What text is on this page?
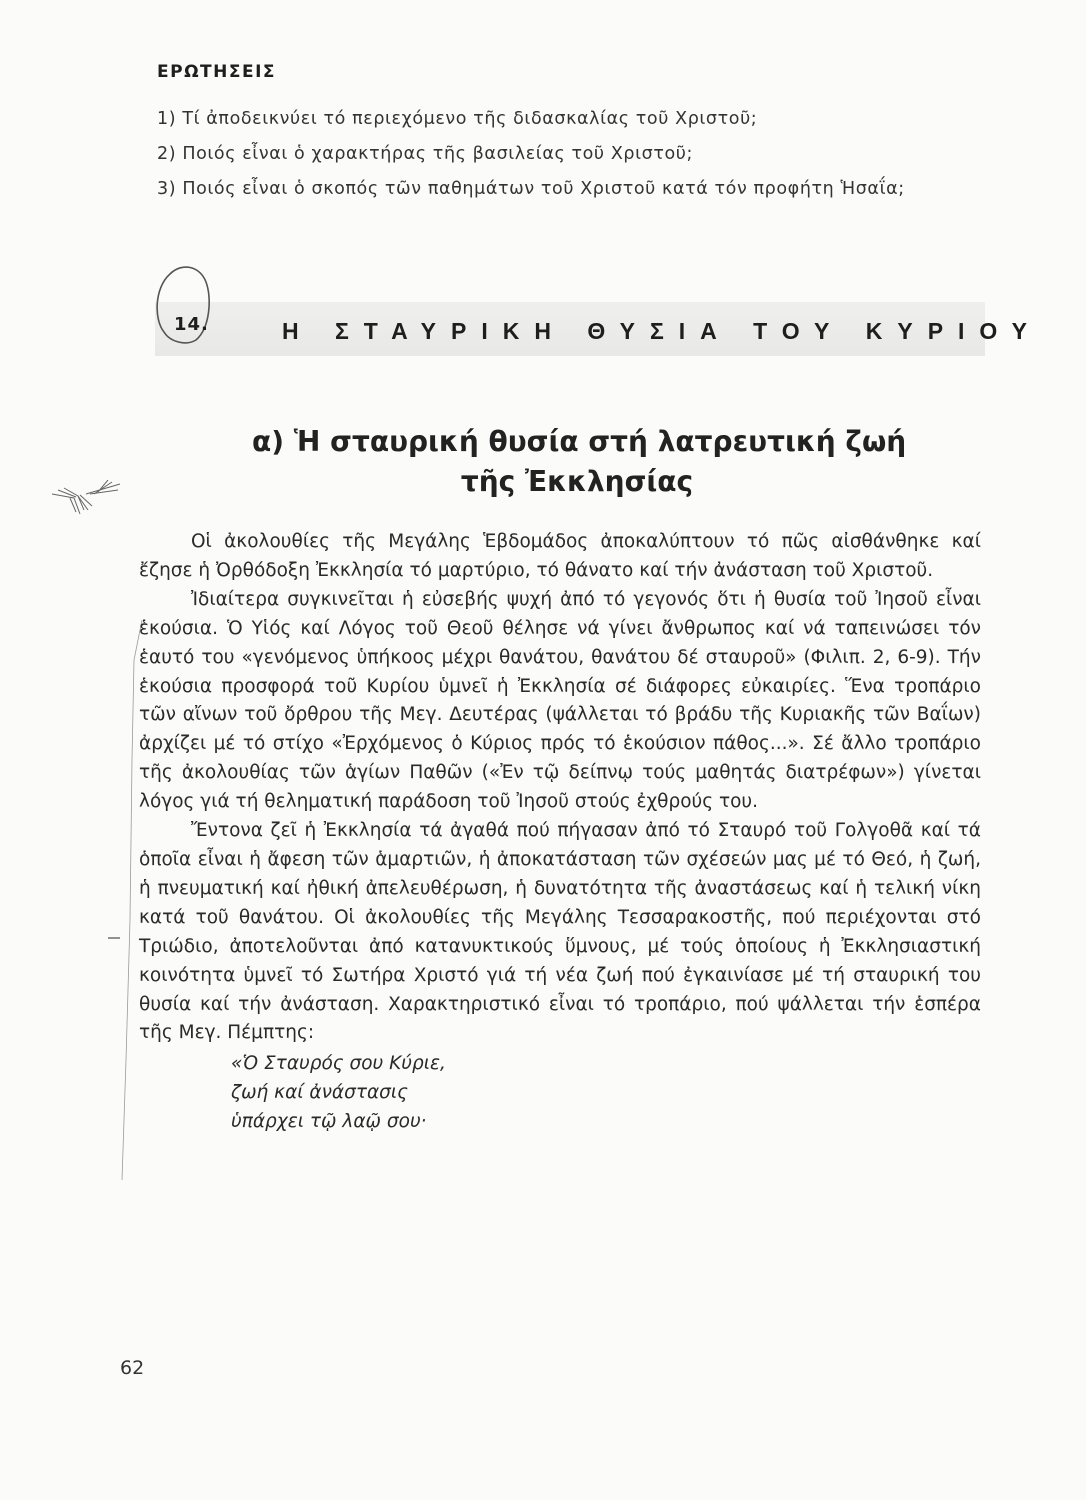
ΕΡΩΤΗΣΕΙΣ
1) Τί ἀποδεικνύει τό περιεχόμενο τῆς διδασκαλίας τοῦ Χριστοῦ;
2) Ποιός εἶναι ὁ χαρακτήρας τῆς βασιλείας τοῦ Χριστοῦ;
3) Ποιός εἶναι ὁ σκοπός τῶν παθημάτων τοῦ Χριστοῦ κατά τόν προφήτη Ἡσαΐα;
14.	Η ΣΤΑΥΡΙΚΗ ΘΥΣΙΑ ΤΟΥ ΚΥΡΙΟΥ
α) Ἡ σταυρική θυσία στή λατρευτική ζωή
τῆς Ἐκκλησίας

Οἱ ἀκολουθίες τῆς Μεγάλης Ἑβδομάδος ἀποκαλύπτουν τό πῶς αἰσθάνθηκε καί ἔζησε ἡ Ὀρθόδοξη Ἐκκλησία τό μαρτύριο, τό θάνατο καί τήν ἀνάσταση τοῦ Χριστοῦ.

Ἰδιαίτερα συγκινεῖται ἡ εὐσεβής ψυχή ἀπό τό γεγονός ὅτι ἡ θυσία τοῦ Ἰησοῦ εἶναι ἑκούσια. Ὁ Υἱός καί Λόγος τοῦ Θεοῦ θέλησε νά γίνει ἄνθρωπος καί νά ταπεινώσει τόν ἑαυτό του «γενόμενος ὑπήκοος μέχρι θανάτου, θανάτου δέ σταυροῦ» (Φιλιπ. 2, 6-9). Τήν ἑκούσια προσφορά τοῦ Κυρίου ὑμνεῖ ἡ Ἐκκλησία σέ διάφορες εὐκαιρίες. Ἕνα τροπάριο τῶν αἴνων τοῦ ὄρθρου τῆς Μεγ. Δευτέρας (ψάλλεται τό βράδυ τῆς Κυριακῆς τῶν Βαΐων) ἀρχίζει μέ τό στίχο «Ἐρχόμενος ὁ Κύριος πρός τό ἑκούσιον πάθος...». Σέ ἄλλο τροπάριο τῆς ἀκολουθίας τῶν ἁγίων Παθῶν («Ἐν τῷ δείπνῳ τούς μαθητάς διατρέφων») γίνεται λόγος γιά τή θεληματική παράδοση τοῦ Ἰησοῦ στούς ἐχθρούς του.

Ἔντονα ζεῖ ἡ Ἐκκλησία τά ἀγαθά πού πήγασαν ἀπό τό Σταυρό τοῦ Γολγοθᾶ καί τά ὁποῖα εἶναι ἡ ἄφεση τῶν ἁμαρτιῶν, ἡ ἀποκατάσταση τῶν σχέσεών μας μέ τό Θεό, ἡ ζωή, ἡ πνευματική καί ἠθική ἀπελευθέρωση, ἡ δυνατότητα τῆς ἀναστάσεως καί ἡ τελική νίκη κατά τοῦ θανάτου. Οἱ ἀκολουθίες τῆς Μεγάλης Τεσσαρακοστῆς, πού περιέχονται στό Τριώδιο, ἀποτελοῦνται ἀπό κατανυκτικούς ὕμνους, μέ τούς ὁποίους ἡ Ἐκκλησιαστική κοινότητα ὑμνεῖ τό Σωτήρα Χριστό γιά τή νέα ζωή πού ἐγκαινίασε μέ τή σταυρική του θυσία καί τήν ἀνάσταση. Χαρακτηριστικό εἶναι τό τροπάριο, πού ψάλλεται τήν ἑσπέρα τῆς Μεγ. Πέμπτης:

«Ὁ Σταυρός σου Κύριε,
ζωή καί ἀνάστασις
ὑπάρχει τῷ λαῷ σου·
62
